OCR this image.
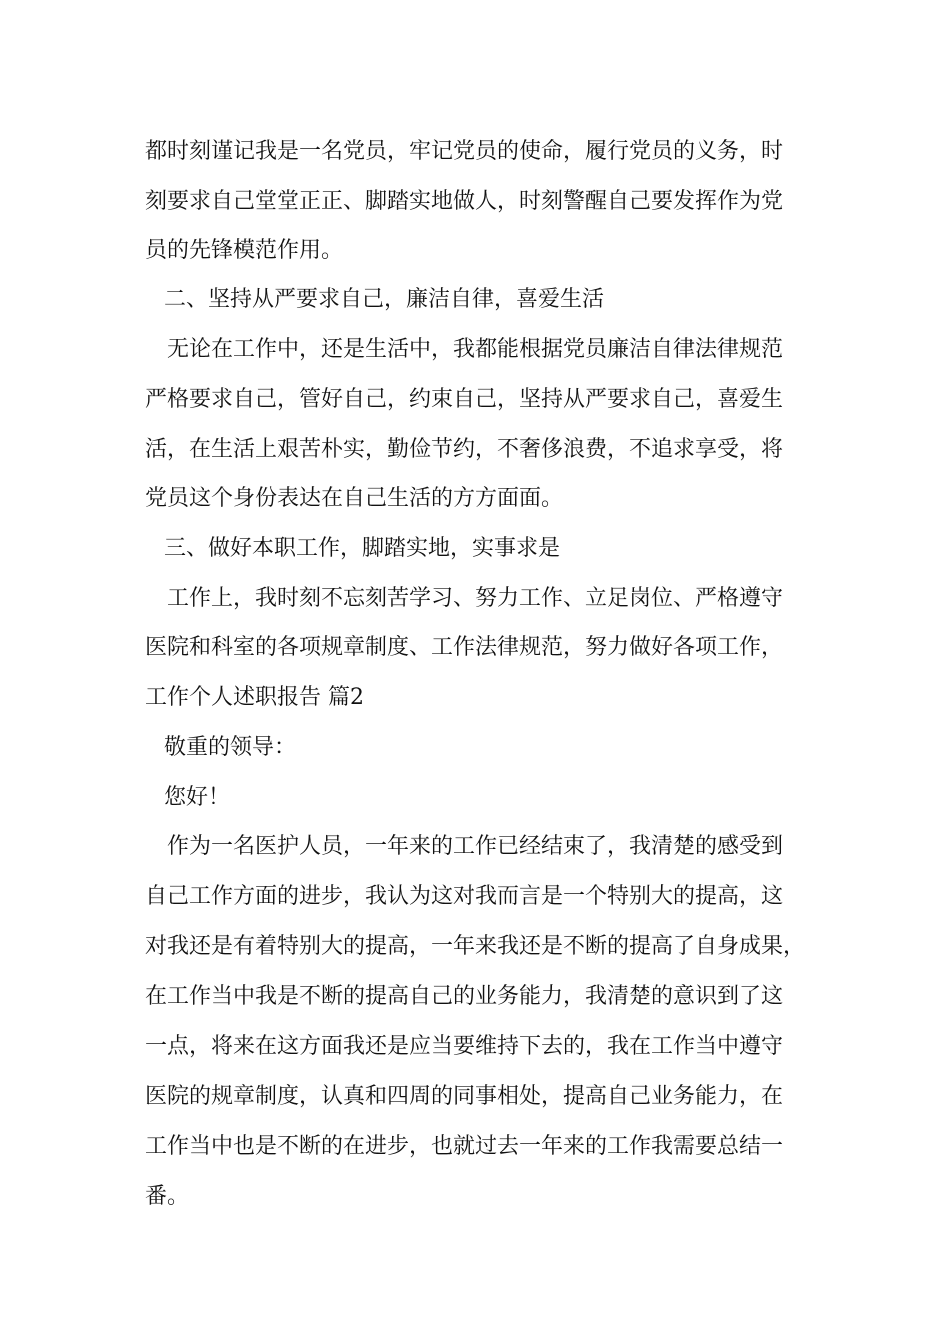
都时刻谨记我是一名党员，牢记党员的使命，履行党员的义务，时
刻要求自己堂堂正正、脚踏实地做人，时刻警醒自己要发挥作为党
员的先锋模范作用。
二、坚持从严要求自己，廉洁自律，喜爱生活
无论在工作中，还是生活中，我都能根据党员廉洁自律法律规范
严格要求自己，管好自己，约束自己，坚持从严要求自己，喜爱生
活，在生活上艰苦朴实，勤俭节约，不奢侈浪费，不追求享受，将
党员这个身份表达在自己生活的方方面面。
三、做好本职工作，脚踏实地，实事求是
工作上，我时刻不忘刻苦学习、努力工作、立足岗位、严格遵守
医院和科室的各项规章制度、工作法律规范，努力做好各项工作，
工作个人述职报告 篇2
敬重的领导：
您好！
作为一名医护人员，一年来的工作已经结束了，我清楚的感受到
自己工作方面的进步，我认为这对我而言是一个特别大的提高，这
对我还是有着特别大的提高，一年来我还是不断的提高了自身成果，
在工作当中我是不断的提高自己的业务能力，我清楚的意识到了这
一点，将来在这方面我还是应当要维持下去的，我在工作当中遵守
医院的规章制度，认真和四周的同事相处，提高自己业务能力，在
工作当中也是不断的在进步，也就过去一年来的工作我需要总结一
番。
